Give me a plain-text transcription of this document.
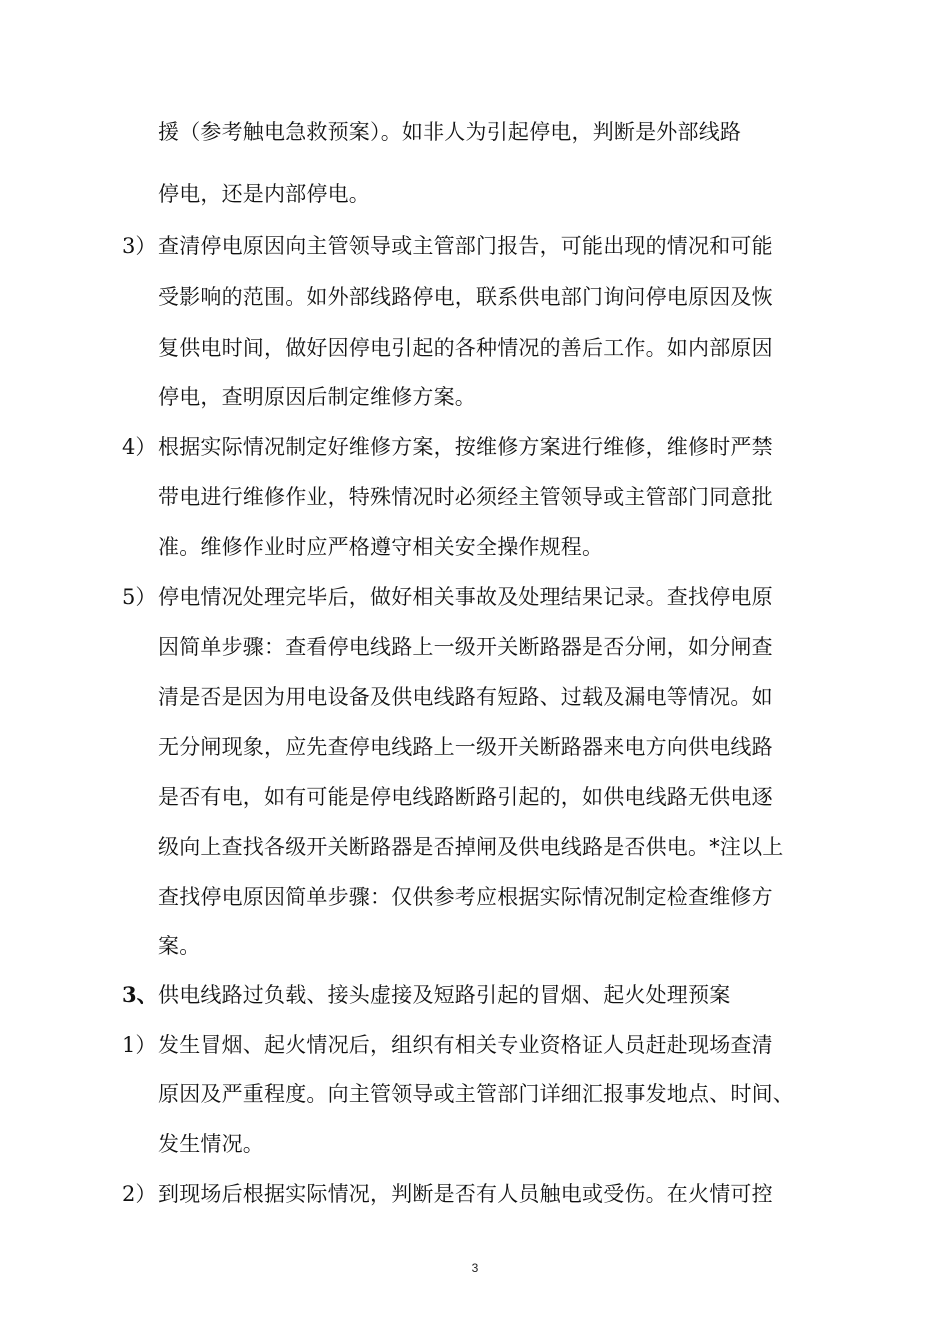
援（参考触电急救预案）。如非人为引起停电，判断是外部线路
停电，还是内部停电。
3） 查清停电原因向主管领导或主管部门报告，可能出现的情况和可能
受影响的范围。如外部线路停电，联系供电部门询问停电原因及恢
复供电时间，做好因停电引起的各种情况的善后工作。如内部原因
停电，查明原因后制定维修方案。
4） 根据实际情况制定好维修方案，按维修方案进行维修，维修时严禁
带电进行维修作业，特殊情况时必须经主管领导或主管部门同意批
准。维修作业时应严格遵守相关安全操作规程。
5） 停电情况处理完毕后，做好相关事故及处理结果记录。查找停电原
因简单步骤：查看停电线路上一级开关断路器是否分闸，如分闸查
清是否是因为用电设备及供电线路有短路、过载及漏电等情况。如
无分闸现象，应先查停电线路上一级开关断路器来电方向供电线路
是否有电，如有可能是停电线路断路引起的，如供电线路无供电逐
级向上查找各级开关断路器是否掉闸及供电线路是否供电。*注以上
查找停电原因简单步骤：仅供参考应根据实际情况制定检查维修方
案。
3、 供电线路过负载、接头虚接及短路引起的冒烟、起火处理预案
1） 发生冒烟、起火情况后，组织有相关专业资格证人员赶赴现场查清
原因及严重程度。向主管领导或主管部门详细汇报事发地点、时间、
发生情况。
2） 到现场后根据实际情况，判断是否有人员触电或受伤。在火情可控
3
